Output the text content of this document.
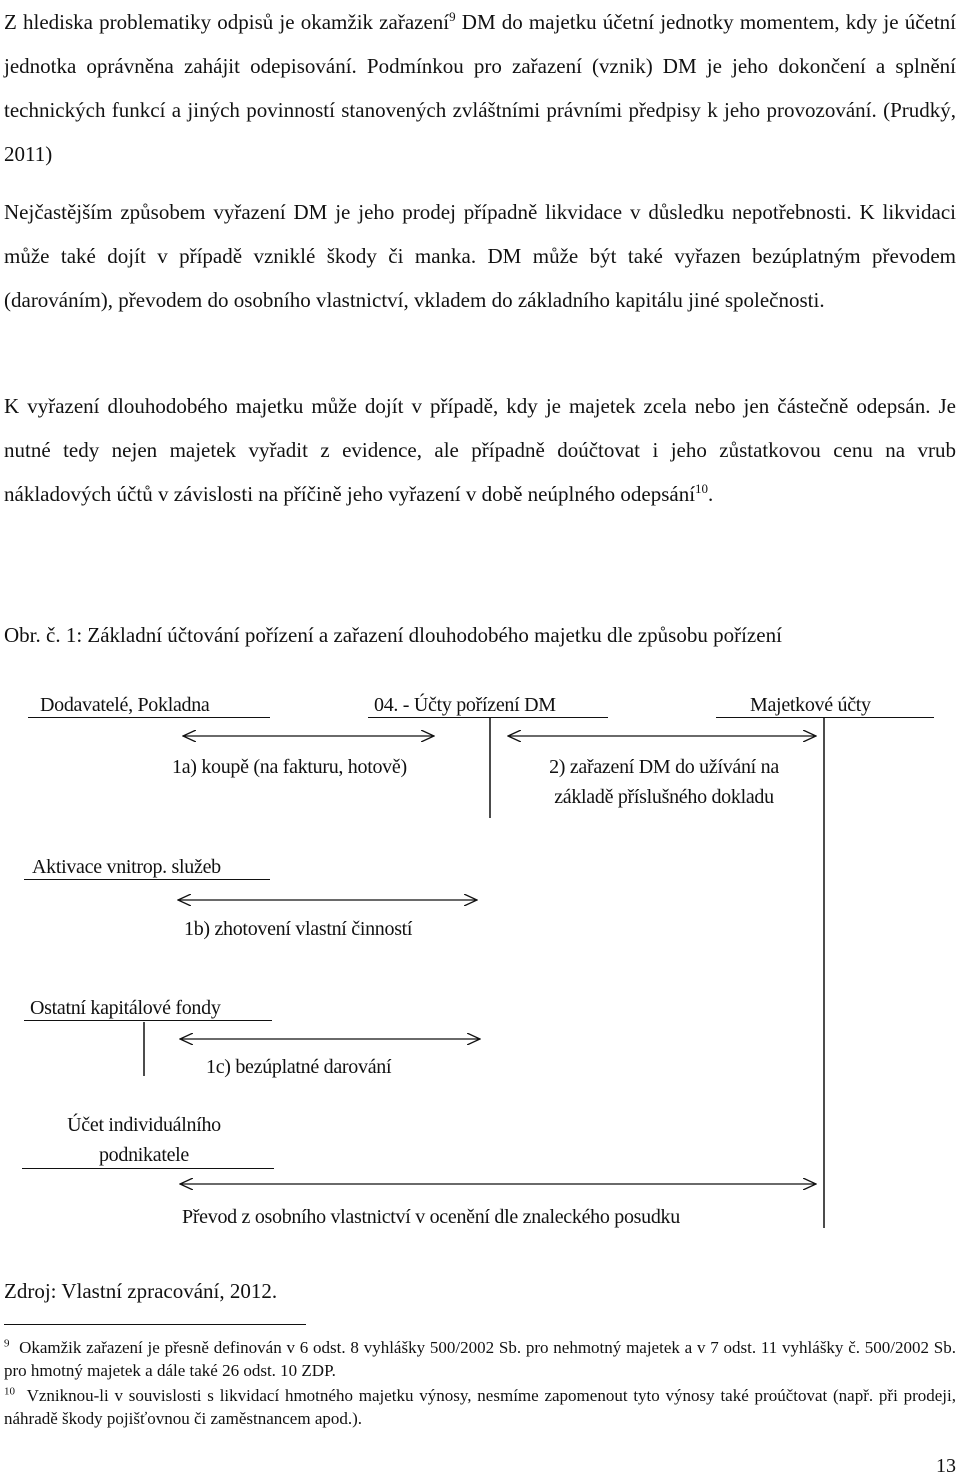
Z hlediska problematiky odpisů je okamžik zařazení$^9$ DM do majetku účetní jednotky momentem, kdy je účetní jednotka oprávněna zahájit odepisování. Podmínkou pro zařazení (vznik) DM je jeho dokončení a splnění technických funkcí a jiných povinností stanovených zvláštními právními předpisy k jeho provozování. (Prudký, 2011)

Nejčastějším způsobem vyřazení DM je jeho prodej případně likvidace v důsledku nepotřebnosti. K likvidaci může také dojít v případě vzniklé škody či manka. DM může být také vyřazen bezúplatným převodem (darováním), převodem do osobního vlastnictví, vkladem do základního kapitálu jiné společnosti.

K vyřazení dlouhodobého majetku může dojít v případě, kdy je majetek zcela nebo jen částečně odepsán. Je nutné tedy nejen majetek vyřadit z evidence, ale případně doúčtovat i jeho zůstatkovou cenu na vrub nákladových účtů v závislosti na příčině jeho vyřazení v době neúplného odepsání$^{10}$.

Obr. č. 1: Základní účtování pořízení a zařazení dlouhodobého majetku dle způsobu pořízení

Dodavatelé, Pokladna	04. - Účty pořízení DM	Majetkové účty
1a) koupě (na fakturu, hotově)	2) zařazení DM do užívání na
základě příslušného dokladu
Aktivace vnitrop. služeb
1b) zhotovení vlastní činností
Ostatní kapitálové fondy
1c) bezúplatné darování
Účet individuálního
podnikatele
Převod z osobního vlastnictví v ocenění dle znaleckého posudku

Zdroj: Vlastní zpracování, 2012.

$^9$ Okamžik zařazení je přesně definován v 6 odst. 8 vyhlášky 500/2002 Sb. pro nehmotný majetek a v 7 odst. 11 vyhlášky č. 500/2002 Sb. pro hmotný majetek a dále také 26 odst. 10 ZDP.

$^{10}$ Vzniknou-li v souvislosti s likvidací hmotného majetku výnosy, nesmíme zapomenout tyto výnosy také proúčtovat (např. při prodeji, náhradě škody pojišťovnou či zaměstnancem apod.).

13
